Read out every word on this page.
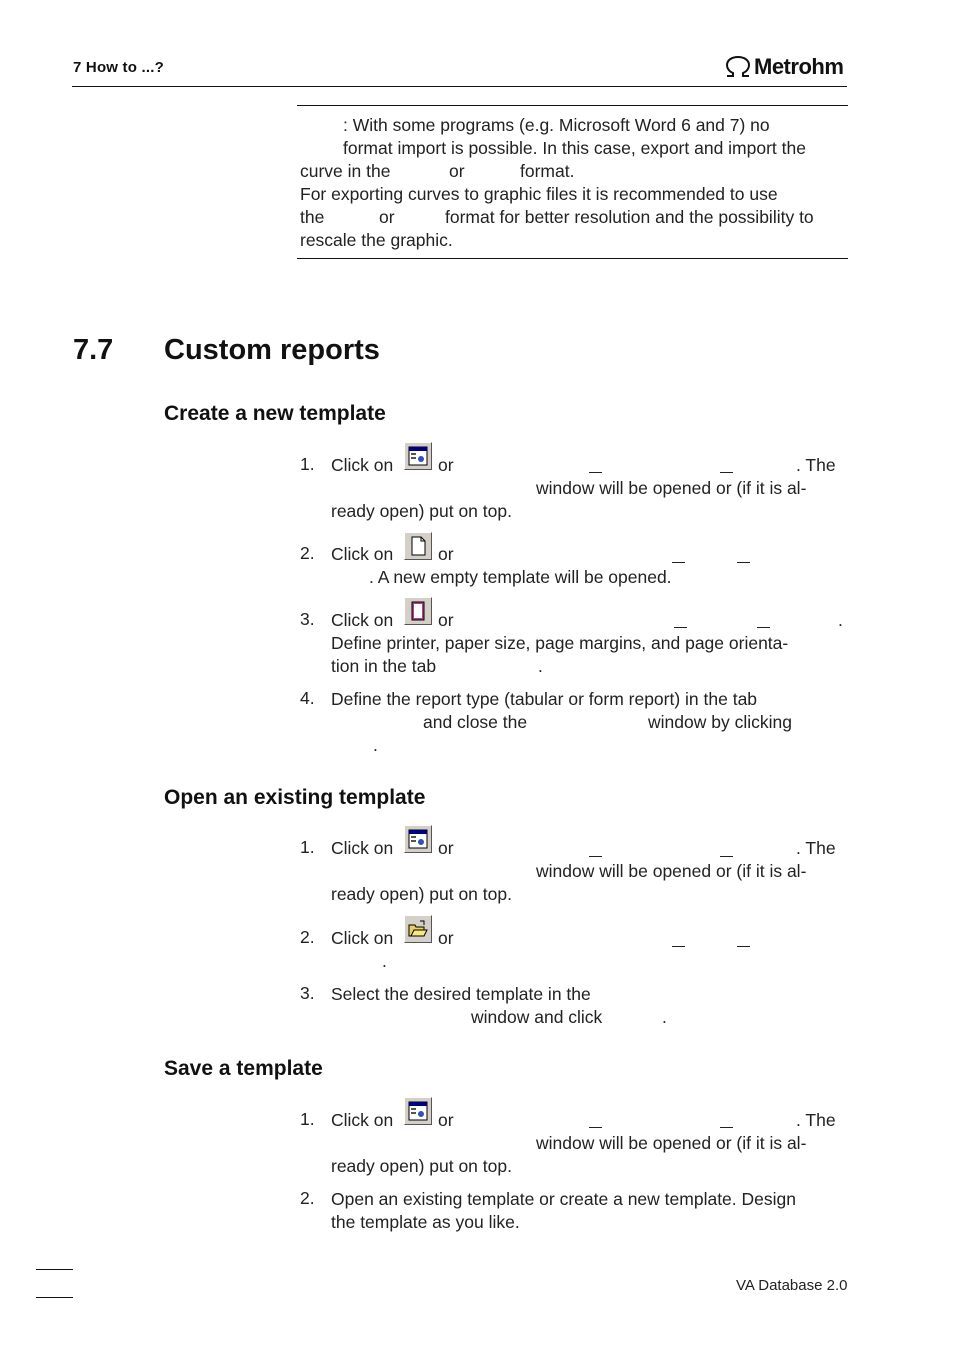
7 How to ...?	Metrohm
: With some programs (e.g. Microsoft Word 6 and 7) no
format import is possible. In this case, export and import the
curve in the	or	format.
For exporting curves to graphic files it is recommended to use
the	or	format for better resolution and the possibility to
rescale the graphic.
7.7 Custom reports
Create a new template
1. Click on	or	. The
window will be opened or (if it is al-
ready open) put on top.
2. Click on	or
. A new empty template will be opened.
3. Click on	or	.
Define printer, paper size, page margins, and page orienta-
tion in the tab	.
4. Define the report type (tabular or form report) in the tab
and close the	window by clicking
.
Open an existing template
1. Click on	or	. The
window will be opened or (if it is al-
ready open) put on top.
2. Click on	or
.
3. Select the desired template in the
window and click	.
Save a template
1. Click on	or	. The
window will be opened or (if it is al-
ready open) put on top.
2. Open an existing template or create a new template. Design
the template as you like.
VA Database 2.0
